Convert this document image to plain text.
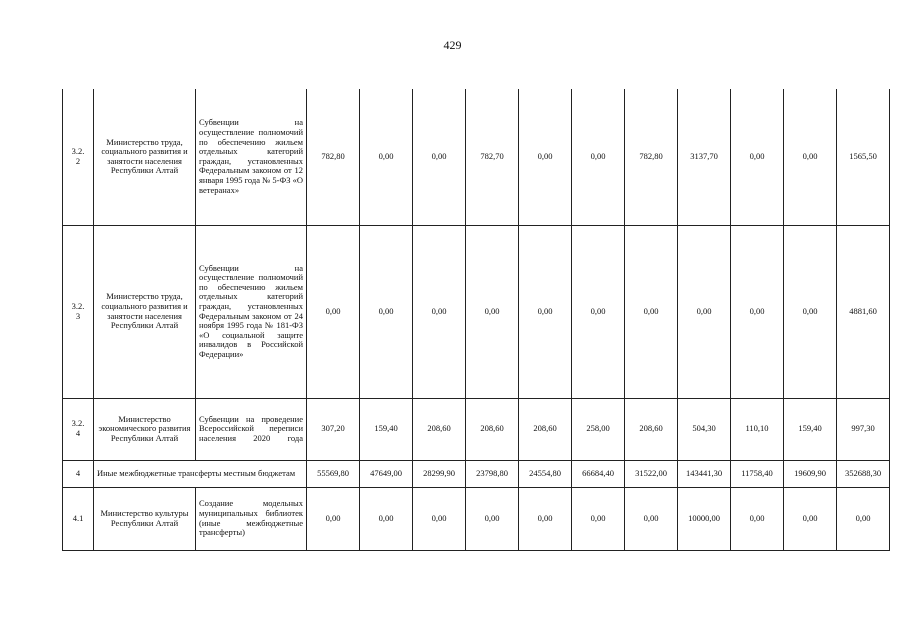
429
3.2.
2	Министерство труда, социального развития и занятости населения Республики Алтай	Субвенции на осуществление полномочий по обеспечению жильем отдельных категорий граждан, установленных Федеральным законом от 12 января 1995 года № 5-ФЗ «О ветеранах»	782,80	0,00	0,00	782,70	0,00	0,00	782,80	3137,70	0,00	0,00	1565,50
3.2.
3	Министерство труда, социального развития и занятости населения Республики Алтай	Субвенции на осуществление полномочий по обеспечению жильем отдельных категорий граждан, установленных Федеральным законом от 24 ноября 1995 года № 181-ФЗ «О социальной защите инвалидов в Российской Федерации»	0,00	0,00	0,00	0,00	0,00	0,00	0,00	0,00	0,00	0,00	4881,60
3.2.
4	Министерство экономического развития Республики Алтай	Субвенции на проведение Всероссийской переписи населения 2020 года	307,20	159,40	208,60	208,60	208,60	258,00	208,60	504,30	110,10	159,40	997,30
4	Иные межбюджетные трансферты местным бюджетам		55569,80	47649,00	28299,90	23798,80	24554,80	66684,40	31522,00	143441,30	11758,40	19609,90	352688,30
4.1	Министерство культуры Республики Алтай	Создание модельных муниципальных библиотек (иные межбюджетные трансферты)	0,00	0,00	0,00	0,00	0,00	0,00	0,00	10000,00	0,00	0,00	0,00
